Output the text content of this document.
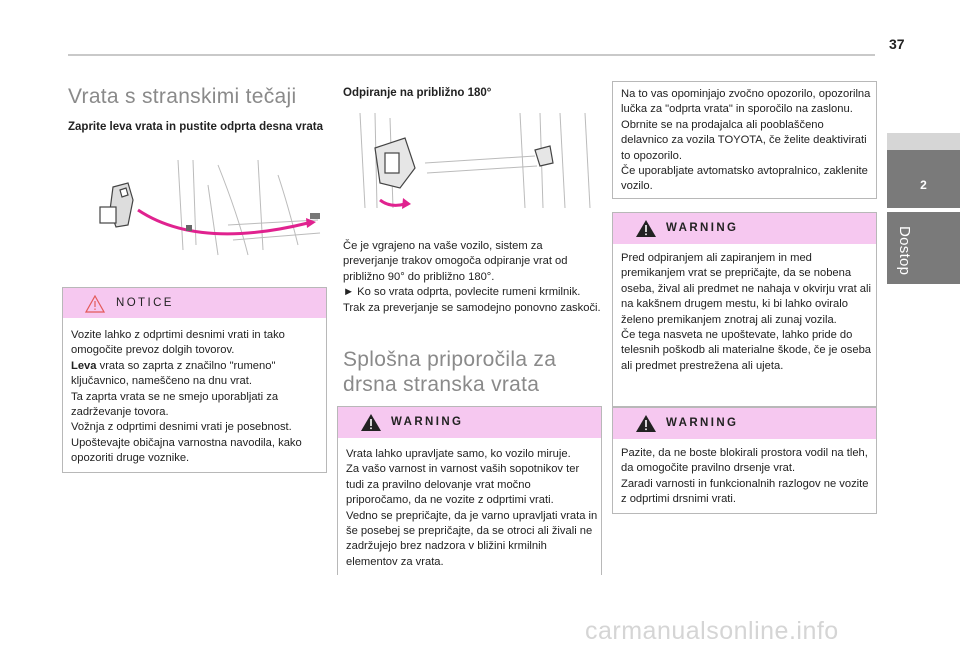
37
2
Dostop
Vrata s stranskimi tečaji
Zaprite leva vrata in pustite odprta desna vrata
NOTICE
Vozite lahko z odprtimi desnimi vrati in tako omogočite prevoz dolgih tovorov.
Leva vrata so zaprta z značilno "rumeno" ključavnico, nameščeno na dnu vrat.
Ta zaprta vrata se ne smejo uporabljati za zadrževanje tovora.
Vožnja z odprtimi desnimi vrati je posebnost. Upoštevajte običajna varnostna navodila, kako opozoriti druge voznike.
Odpiranje na približno 180°
Če je vgrajeno na vaše vozilo, sistem za preverjanje trakov omogoča odpiranje vrat od približno 90° do približno 180°.
► Ko so vrata odprta, povlecite rumeni krmilnik.
Trak za preverjanje se samodejno ponovno zaskoči.
Splošna priporočila za drsna stranska vrata
WARNING
Vrata lahko upravljate samo, ko vozilo miruje.
Za vašo varnost in varnost vaših sopotnikov ter tudi za pravilno delovanje vrat močno priporočamo, da ne vozite z odprtimi vrati.
Vedno se prepričajte, da je varno upravljati vrata in še posebej se prepričajte, da se otroci ali živali ne zadržujejo brez nadzora v bližini krmilnih elementov za vrata.
Na to vas opominjajo zvočno opozorilo, opozorilna lučka za "odprta vrata" in sporočilo na zaslonu. Obrnite se na prodajalca ali pooblaščeno delavnico za vozila TOYOTA, če želite deaktivirati to opozorilo.
Če uporabljate avtomatsko avtopralnico, zaklenite vozilo.
WARNING
Pred odpiranjem ali zapiranjem in med premikanjem vrat se prepričajte, da se nobena oseba, žival ali predmet ne nahaja v okvirju vrat ali na kakšnem drugem mestu, ki bi lahko oviralo želeno premikanjem znotraj ali zunaj vozila.
Če tega nasveta ne upoštevate, lahko pride do telesnih poškodb ali materialne škode, če je oseba ali predmet prestrežena ali ujeta.
WARNING
Pazite, da ne boste blokirali prostora vodil na tleh, da omogočite pravilno drsenje vrat.
Zaradi varnosti in funkcionalnih razlogov ne vozite z odprtimi drsnimi vrati.
carmanualsonline.info
